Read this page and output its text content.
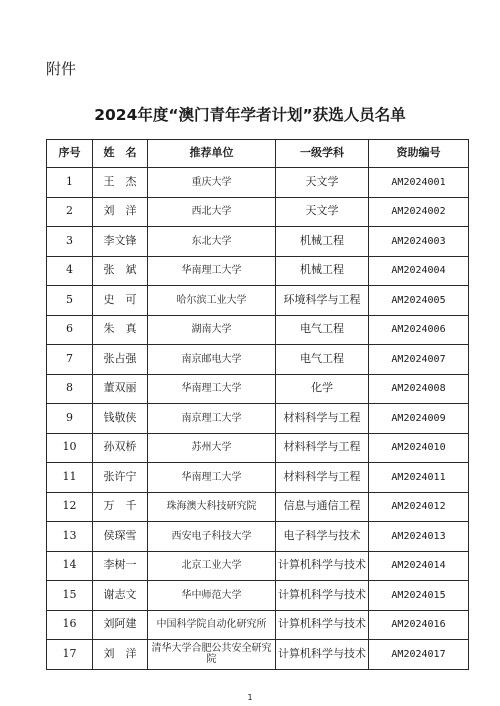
附件
2024年度“澳门青年学者计划”获选人员名单
序号	姓　名	推荐单位	一级学科	资助编号
1	王　杰	重庆大学	天文学	AM2024001
2	刘　洋	西北大学	天文学	AM2024002
3	李文锋	东北大学	机械工程	AM2024003
4	张　斌	华南理工大学	机械工程	AM2024004
5	史　可	哈尔滨工业大学	环境科学与工程	AM2024005
6	朱　真	湖南大学	电气工程	AM2024006
7	张占强	南京邮电大学	电气工程	AM2024007
8	董双丽	华南理工大学	化学	AM2024008
9	钱敬侠	南京理工大学	材料科学与工程	AM2024009
10	孙双桥	苏州大学	材料科学与工程	AM2024010
11	张许宁	华南理工大学	材料科学与工程	AM2024011
12	万　千	珠海澳大科技研究院	信息与通信工程	AM2024012
13	侯琛雪	西安电子科技大学	电子科学与技术	AM2024013
14	李树一	北京工业大学	计算机科学与技术	AM2024014
15	谢志文	华中师范大学	计算机科学与技术	AM2024015
16	刘阿建	中国科学院自动化研究所	计算机科学与技术	AM2024016
17	刘　洋	清华大学合肥公共安全研究院	计算机科学与技术	AM2024017
1
